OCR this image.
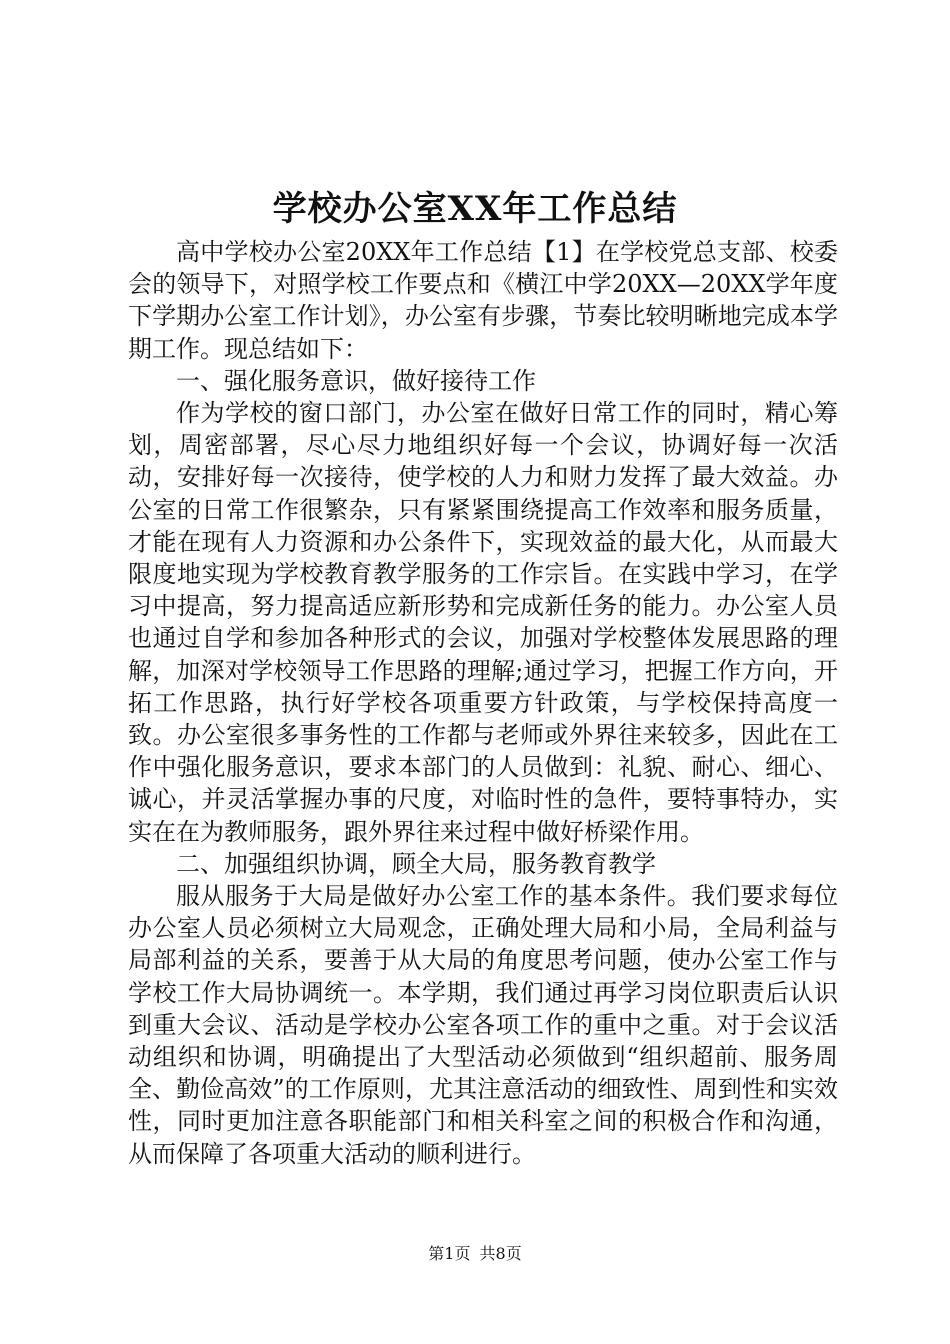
学校办公室XX年工作总结

高中学校办公室20XX年工作总结【1】在学校党总支部、校委会的领导下，对照学校工作要点和《横江中学20XX—20XX学年度下学期办公室工作计划》，办公室有步骤，节奏比较明晰地完成本学期工作。现总结如下：

一、强化服务意识，做好接待工作

作为学校的窗口部门，办公室在做好日常工作的同时，精心筹划，周密部署，尽心尽力地组织好每一个会议，协调好每一次活动，安排好每一次接待，使学校的人力和财力发挥了最大效益。办公室的日常工作很繁杂，只有紧紧围绕提高工作效率和服务质量，才能在现有人力资源和办公条件下，实现效益的最大化，从而最大限度地实现为学校教育教学服务的工作宗旨。在实践中学习，在学习中提高，努力提高适应新形势和完成新任务的能力。办公室人员也通过自学和参加各种形式的会议，加强对学校整体发展思路的理解，加深对学校领导工作思路的理解;通过学习，把握工作方向，开拓工作思路，执行好学校各项重要方针政策，与学校保持高度一致。办公室很多事务性的工作都与老师或外界往来较多，因此在工作中强化服务意识，要求本部门的人员做到：礼貌、耐心、细心、诚心，并灵活掌握办事的尺度，对临时性的急件，要特事特办，实实在在为教师服务，跟外界往来过程中做好桥梁作用。

二、加强组织协调，顾全大局，服务教育教学

服从服务于大局是做好办公室工作的基本条件。我们要求每位办公室人员必须树立大局观念，正确处理大局和小局，全局利益与局部利益的关系，要善于从大局的角度思考问题，使办公室工作与学校工作大局协调统一。本学期，我们通过再学习岗位职责后认识到重大会议、活动是学校办公室各项工作的重中之重。对于会议活动组织和协调，明确提出了大型活动必须做到“组织超前、服务周全、勤俭高效”的工作原则，尤其注意活动的细致性、周到性和实效性，同时更加注意各职能部门和相关科室之间的积极合作和沟通，从而保障了各项重大活动的顺利进行。

第1页 共8页
